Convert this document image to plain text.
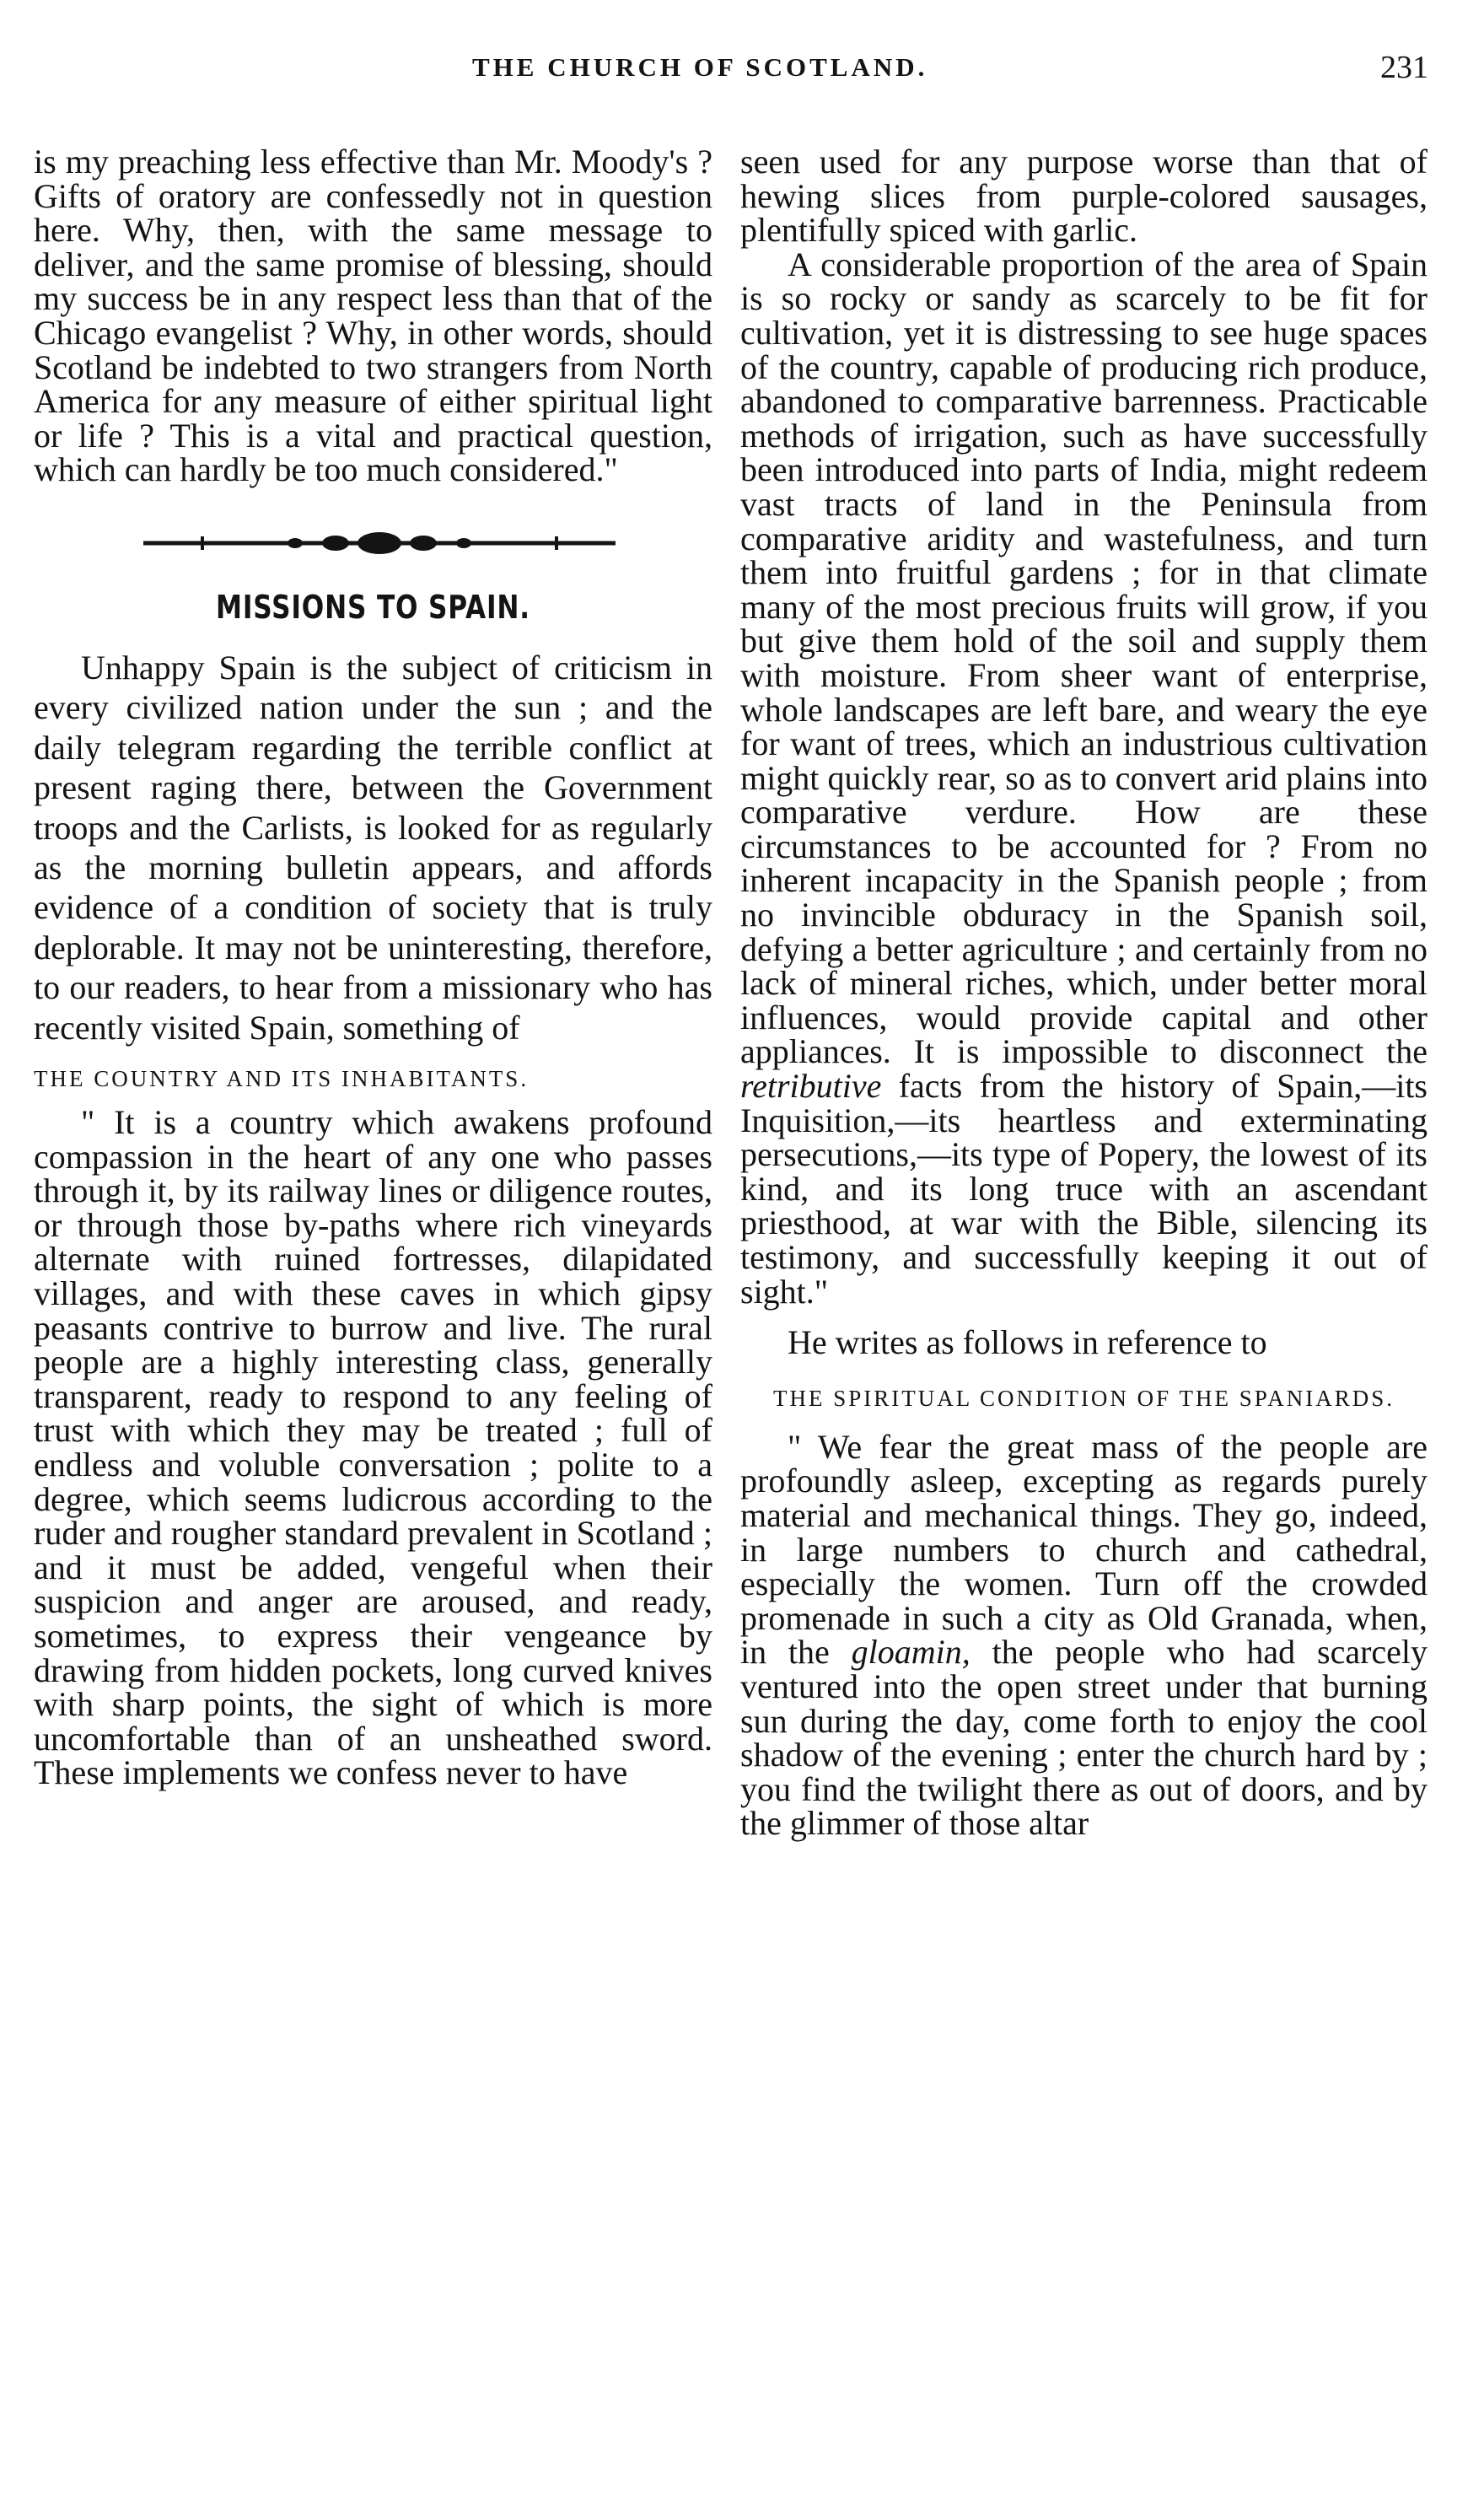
THE CHURCH OF SCOTLAND.	231

is my preaching less effective than Mr. Moody's ? Gifts of oratory are confessedly not in question here. Why, then, with the same message to deliver, and the same promise of blessing, should my success be in any respect less than that of the Chicago evangelist ? Why, in other words, should Scotland be indebted to two strangers from North America for any measure of either spiritual light or life ? This is a vital and practical question, which can hardly be too much considered."

MISSIONS TO SPAIN.

Unhappy Spain is the subject of criticism in every civilized nation under the sun ; and the daily telegram regarding the terrible conflict at present raging there, between the Government troops and the Carlists, is looked for as regularly as the morning bulletin appears, and affords evidence of a condition of society that is truly deplorable. It may not be uninteresting, therefore, to our readers, to hear from a missionary who has recently visited Spain, something of

THE COUNTRY AND ITS INHABITANTS.

" It is a country which awakens profound compassion in the heart of any one who passes through it, by its railway lines or diligence routes, or through those by-paths where rich vineyards alternate with ruined fortresses, dilapidated villages, and with these caves in which gipsy peasants contrive to burrow and live. The rural people are a highly interesting class, generally transparent, ready to respond to any feeling of trust with which they may be treated ; full of endless and voluble conversation ; polite to a degree, which seems ludicrous according to the ruder and rougher standard prevalent in Scotland ; and it must be added, vengeful when their suspicion and anger are aroused, and ready, sometimes, to express their vengeance by drawing from hidden pockets, long curved knives with sharp points, the sight of which is more uncomfortable than of an unsheathed sword. These implements we confess never to have

seen used for any purpose worse than that of hewing slices from purple-colored sausages, plentifully spiced with garlic.

A considerable proportion of the area of Spain is so rocky or sandy as scarcely to be fit for cultivation, yet it is distressing to see huge spaces of the country, capable of producing rich produce, abandoned to comparative barrenness. Practicable methods of irrigation, such as have successfully been introduced into parts of India, might redeem vast tracts of land in the Peninsula from comparative aridity and wastefulness, and turn them into fruitful gardens ; for in that climate many of the most precious fruits will grow, if you but give them hold of the soil and supply them with moisture. From sheer want of enterprise, whole landscapes are left bare, and weary the eye for want of trees, which an industrious cultivation might quickly rear, so as to convert arid plains into comparative verdure. How are these circumstances to be accounted for ? From no inherent incapacity in the Spanish people ; from no invincible obduracy in the Spanish soil, defying a better agriculture ; and certainly from no lack of mineral riches, which, under better moral influences, would provide capital and other appliances. It is impossible to disconnect the retributive facts from the history of Spain,—its Inquisition,—its heartless and exterminating persecutions,—its type of Popery, the lowest of its kind, and its long truce with an ascendant priesthood, at war with the Bible, silencing its testimony, and successfully keeping it out of sight."

He writes as follows in reference to

THE SPIRITUAL CONDITION OF THE SPANIARDS.

" We fear the great mass of the people are profoundly asleep, excepting as regards purely material and mechanical things. They go, indeed, in large numbers to church and cathedral, especially the women. Turn off the crowded promenade in such a city as Old Granada, when, in the gloamin, the people who had scarcely ventured into the open street under that burning sun during the day, come forth to enjoy the cool shadow of the evening ; enter the church hard by ; you find the twilight there as out of doors, and by the glimmer of those altar
